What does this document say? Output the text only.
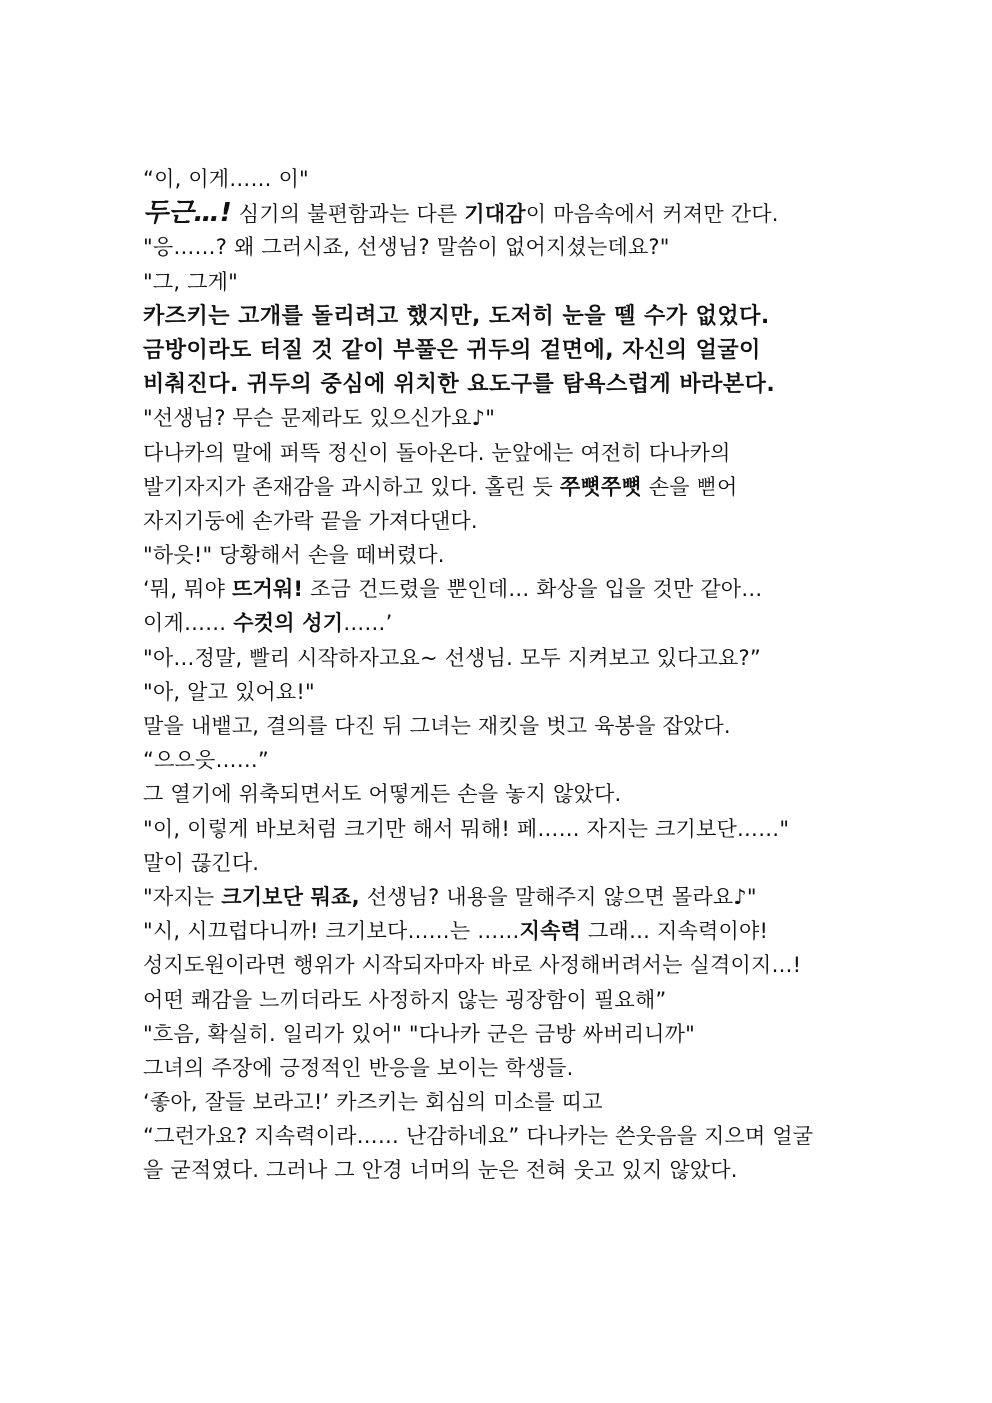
“이, 이게…… 이"
두근…! 심기의 불편함과는 다른 기대감이 마음속에서 커져만 간다.
"응……? 왜 그러시죠, 선생님? 말씀이 없어지셨는데요?"
"그, 그게"
카즈키는 고개를 돌리려고 했지만, 도저히 눈을 뗄 수가 없었다.
금방이라도 터질 것 같이 부풀은 귀두의 겉면에, 자신의 얼굴이
비춰진다. 귀두의 중심에 위치한 요도구를 탐욕스럽게 바라본다.
"선생님? 무슨 문제라도 있으신가요♪"
다나카의 말에 퍼뜩 정신이 돌아온다. 눈앞에는 여전히 다나카의
발기자지가 존재감을 과시하고 있다. 홀린 듯 쭈뼛쭈뼛 손을 뻗어
자지기둥에 손가락 끝을 가져다댄다.
"하읏!" 당황해서 손을 떼버렸다.
‘뭐, 뭐야 뜨거워! 조금 건드렸을 뿐인데… 화상을 입을 것만 같아…
이게…… 수컷의 성기……’
"아…정말, 빨리 시작하자고요~ 선생님. 모두 지켜보고 있다고요?”
"아, 알고 있어요!"
말을 내뱉고, 결의를 다진 뒤 그녀는 재킷을 벗고 육봉을 잡았다.
“으으읏……”
그 열기에 위축되면서도 어떻게든 손을 놓지 않았다.
"이, 이렇게 바보처럼 크기만 해서 뭐해! 페…… 자지는 크기보단……"
말이 끊긴다.
"자지는 크기보단 뭐죠, 선생님? 내용을 말해주지 않으면 몰라요♪"
"시, 시끄럽다니까! 크기보다……는 ……지속력 그래… 지속력이야!
성지도원이라면 행위가 시작되자마자 바로 사정해버려서는 실격이지…!
어떤 쾌감을 느끼더라도 사정하지 않는 굉장함이 필요해”
"흐음, 확실히. 일리가 있어" "다나카 군은 금방 싸버리니까"
그녀의 주장에 긍정적인 반응을 보이는 학생들.
‘좋아, 잘들 보라고!’ 카즈키는 회심의 미소를 띠고
“그런가요? 지속력이라…… 난감하네요” 다나카는 쓴웃음을 지으며 얼굴
을 굳적였다. 그러나 그 안경 너머의 눈은 전혀 웃고 있지 않았다.
